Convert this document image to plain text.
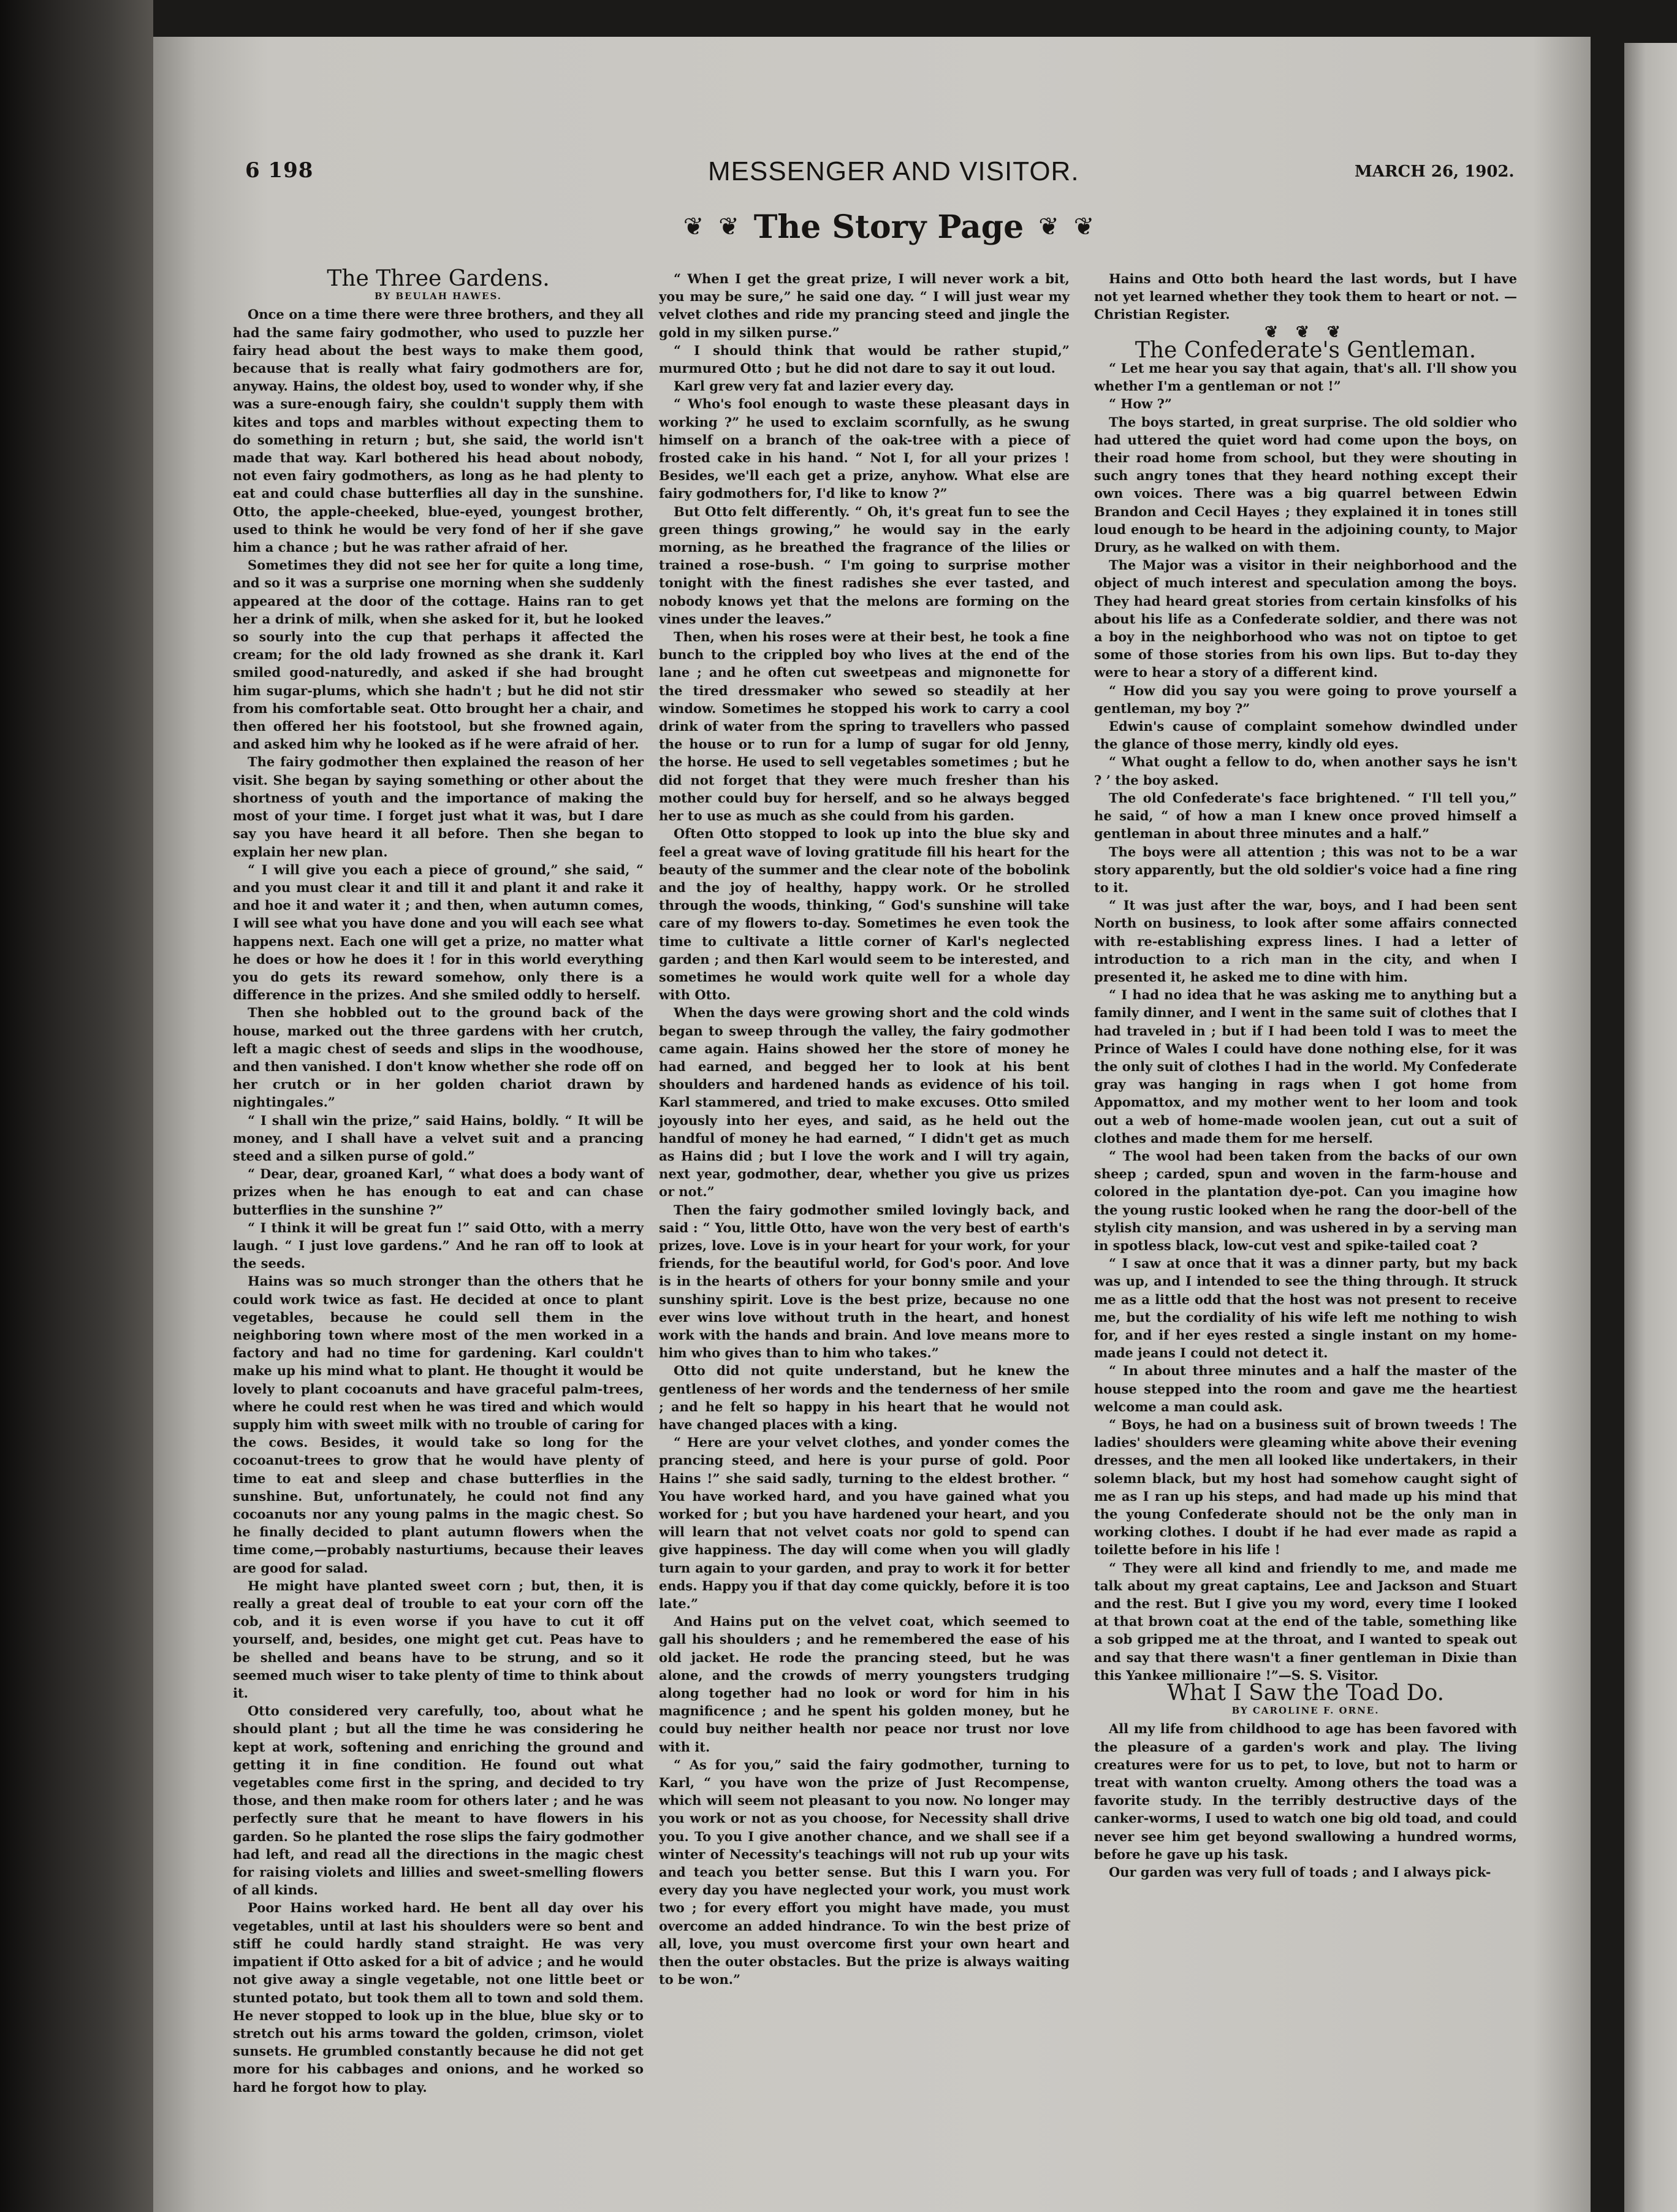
6 198	MESSENGER AND VISITOR.	MARCH 26, 1902.
❦ ❦ The Story Page ❦ ❦

The Three Gardens.

BY BEULAH HAWES.

Once on a time there were three brothers, and they all had the same fairy godmother, who used to puzzle her fairy head about the best ways to make them good, because that is really what fairy godmothers are for, anyway. Hains, the oldest boy, used to wonder why, if she was a sure-enough fairy, she couldn't supply them with kites and tops and marbles without expecting them to do something in return ; but, she said, the world isn't made that way. Karl bothered his head about nobody, not even fairy godmothers, as long as he had plenty to eat and could chase butterflies all day in the sunshine. Otto, the apple-cheeked, blue-eyed, youngest brother, used to think he would be very fond of her if she gave him a chance ; but he was rather afraid of her.

Sometimes they did not see her for quite a long time, and so it was a surprise one morning when she suddenly appeared at the door of the cottage. Hains ran to get her a drink of milk, when she asked for it, but he looked so sourly into the cup that perhaps it affected the cream; for the old lady frowned as she drank it. Karl smiled good-naturedly, and asked if she had brought him sugar-plums, which she hadn't ; but he did not stir from his comfortable seat. Otto brought her a chair, and then offered her his footstool, but she frowned again, and asked him why he looked as if he were afraid of her.

The fairy godmother then explained the reason of her visit. She began by saying something or other about the shortness of youth and the importance of making the most of your time. I forget just what it was, but I dare say you have heard it all before. Then she began to explain her new plan.

“ I will give you each a piece of ground,” she said, “ and you must clear it and till it and plant it and rake it and hoe it and water it ; and then, when autumn comes, I will see what you have done and you will each see what happens next. Each one will get a prize, no matter what he does or how he does it ! for in this world everything you do gets its reward somehow, only there is a difference in the prizes. And she smiled oddly to herself.

Then she hobbled out to the ground back of the house, marked out the three gardens with her crutch, left a magic chest of seeds and slips in the woodhouse, and then vanished. I don't know whether she rode off on her crutch or in her golden chariot drawn by nightingales.”

“ I shall win the prize,” said Hains, boldly. “ It will be money, and I shall have a velvet suit and a prancing steed and a silken purse of gold.”

“ Dear, dear, groaned Karl, “ what does a body want of prizes when he has enough to eat and can chase butterflies in the sunshine ?”

“ I think it will be great fun !” said Otto, with a merry laugh. “ I just love gardens.” And he ran off to look at the seeds.

Hains was so much stronger than the others that he could work twice as fast. He decided at once to plant vegetables, because he could sell them in the neighboring town where most of the men worked in a factory and had no time for gardening. Karl couldn't make up his mind what to plant. He thought it would be lovely to plant cocoanuts and have graceful palm-trees, where he could rest when he was tired and which would supply him with sweet milk with no trouble of caring for the cows. Besides, it would take so long for the cocoanut-trees to grow that he would have plenty of time to eat and sleep and chase butterflies in the sunshine. But, unfortunately, he could not find any cocoanuts nor any young palms in the magic chest. So he finally decided to plant autumn flowers when the time come,—probably nasturtiums, because their leaves are good for salad.

He might have planted sweet corn ; but, then, it is really a great deal of trouble to eat your corn off the cob, and it is even worse if you have to cut it off yourself, and, besides, one might get cut. Peas have to be shelled and beans have to be strung, and so it seemed much wiser to take plenty of time to think about it.

Otto considered very carefully, too, about what he should plant ; but all the time he was considering he kept at work, softening and enriching the ground and getting it in fine condition. He found out what vegetables come first in the spring, and decided to try those, and then make room for others later ; and he was perfectly sure that he meant to have flowers in his garden. So he planted the rose slips the fairy godmother had left, and read all the directions in the magic chest for raising violets and lillies and sweet-smelling flowers of all kinds.

Poor Hains worked hard. He bent all day over his vegetables, until at last his shoulders were so bent and stiff he could hardly stand straight. He was very impatient if Otto asked for a bit of advice ; and he would not give away a single vegetable, not one little beet or stunted potato, but took them all to town and sold them. He never stopped to look up in the blue, blue sky or to stretch out his arms toward the golden, crimson, violet sunsets. He grumbled constantly because he did not get more for his cabbages and onions, and he worked so hard he forgot how to play.

“ When I get the great prize, I will never work a bit, you may be sure,” he said one day. “ I will just wear my velvet clothes and ride my prancing steed and jingle the gold in my silken purse.”

“ I should think that would be rather stupid,” murmured Otto ; but he did not dare to say it out loud.

Karl grew very fat and lazier every day.

“ Who's fool enough to waste these pleasant days in working ?” he used to exclaim scornfully, as he swung himself on a branch of the oak-tree with a piece of frosted cake in his hand. “ Not I, for all your prizes ! Besides, we'll each get a prize, anyhow. What else are fairy godmothers for, I'd like to know ?”

But Otto felt differently. “ Oh, it's great fun to see the green things growing,” he would say in the early morning, as he breathed the fragrance of the lilies or trained a rose-bush. “ I'm going to surprise mother tonight with the finest radishes she ever tasted, and nobody knows yet that the melons are forming on the vines under the leaves.”

Then, when his roses were at their best, he took a fine bunch to the crippled boy who lives at the end of the lane ; and he often cut sweetpeas and mignonette for the tired dressmaker who sewed so steadily at her window. Sometimes he stopped his work to carry a cool drink of water from the spring to travellers who passed the house or to run for a lump of sugar for old Jenny, the horse. He used to sell vegetables sometimes ; but he did not forget that they were much fresher than his mother could buy for herself, and so he always begged her to use as much as she could from his garden.

Often Otto stopped to look up into the blue sky and feel a great wave of loving gratitude fill his heart for the beauty of the summer and the clear note of the bobolink and the joy of healthy, happy work. Or he strolled through the woods, thinking, “ God's sunshine will take care of my flowers to-day. Sometimes he even took the time to cultivate a little corner of Karl's neglected garden ; and then Karl would seem to be interested, and sometimes he would work quite well for a whole day with Otto.

When the days were growing short and the cold winds began to sweep through the valley, the fairy godmother came again. Hains showed her the store of money he had earned, and begged her to look at his bent shoulders and hardened hands as evidence of his toil. Karl stammered, and tried to make excuses. Otto smiled joyously into her eyes, and said, as he held out the handful of money he had earned, “ I didn't get as much as Hains did ; but I love the work and I will try again, next year, godmother, dear, whether you give us prizes or not.”

Then the fairy godmother smiled lovingly back, and said : “ You, little Otto, have won the very best of earth's prizes, love. Love is in your heart for your work, for your friends, for the beautiful world, for God's poor. And love is in the hearts of others for your bonny smile and your sunshiny spirit. Love is the best prize, because no one ever wins love without truth in the heart, and honest work with the hands and brain. And love means more to him who gives than to him who takes.”

Otto did not quite understand, but he knew the gentleness of her words and the tenderness of her smile ; and he felt so happy in his heart that he would not have changed places with a king.

“ Here are your velvet clothes, and yonder comes the prancing steed, and here is your purse of gold. Poor Hains !” she said sadly, turning to the eldest brother. “ You have worked hard, and you have gained what you worked for ; but you have hardened your heart, and you will learn that not velvet coats nor gold to spend can give happiness. The day will come when you will gladly turn again to your garden, and pray to work it for better ends. Happy you if that day come quickly, before it is too late.”

And Hains put on the velvet coat, which seemed to gall his shoulders ; and he remembered the ease of his old jacket. He rode the prancing steed, but he was alone, and the crowds of merry youngsters trudging along together had no look or word for him in his magnificence ; and he spent his golden money, but he could buy neither health nor peace nor trust nor love with it.

“ As for you,” said the fairy godmother, turning to Karl, “ you have won the prize of Just Recompense, which will seem not pleasant to you now. No longer may you work or not as you choose, for Necessity shall drive you. To you I give another chance, and we shall see if a winter of Necessity's teachings will not rub up your wits and teach you better sense. But this I warn you. For every day you have neglected your work, you must work two ; for every effort you might have made, you must overcome an added hindrance. To win the best prize of all, love, you must overcome first your own heart and then the outer obstacles. But the prize is always waiting to be won.”

Hains and Otto both heard the last words, but I have not yet learned whether they took them to heart or not. —Christian Register.

❦ ❦ ❦

The Confederate's Gentleman.

“ Let me hear you say that again, that's all. I'll show you whether I'm a gentleman or not !”

“ How ?”

The boys started, in great surprise. The old soldier who had uttered the quiet word had come upon the boys, on their road home from school, but they were shouting in such angry tones that they heard nothing except their own voices. There was a big quarrel between Edwin Brandon and Cecil Hayes ; they explained it in tones still loud enough to be heard in the adjoining county, to Major Drury, as he walked on with them.

The Major was a visitor in their neighborhood and the object of much interest and speculation among the boys. They had heard great stories from certain kinsfolks of his about his life as a Confederate soldier, and there was not a boy in the neighborhood who was not on tiptoe to get some of those stories from his own lips. But to-day they were to hear a story of a different kind.

“ How did you say you were going to prove yourself a gentleman, my boy ?”

Edwin's cause of complaint somehow dwindled under the glance of those merry, kindly old eyes.

“ What ought a fellow to do, when another says he isn't ? ’ the boy asked.

The old Confederate's face brightened. “ I'll tell you,” he said, “ of how a man I knew once proved himself a gentleman in about three minutes and a half.”

The boys were all attention ; this was not to be a war story apparently, but the old soldier's voice had a fine ring to it.

“ It was just after the war, boys, and I had been sent North on business, to look after some affairs connected with re-establishing express lines. I had a letter of introduction to a rich man in the city, and when I presented it, he asked me to dine with him.

“ I had no idea that he was asking me to anything but a family dinner, and I went in the same suit of clothes that I had traveled in ; but if I had been told I was to meet the Prince of Wales I could have done nothing else, for it was the only suit of clothes I had in the world. My Confederate gray was hanging in rags when I got home from Appomattox, and my mother went to her loom and took out a web of home-made woolen jean, cut out a suit of clothes and made them for me herself.

“ The wool had been taken from the backs of our own sheep ; carded, spun and woven in the farm-house and colored in the plantation dye-pot. Can you imagine how the young rustic looked when he rang the door-bell of the stylish city mansion, and was ushered in by a serving man in spotless black, low-cut vest and spike-tailed coat ?

“ I saw at once that it was a dinner party, but my back was up, and I intended to see the thing through. It struck me as a little odd that the host was not present to receive me, but the cordiality of his wife left me nothing to wish for, and if her eyes rested a single instant on my home-made jeans I could not detect it.

“ In about three minutes and a half the master of the house stepped into the room and gave me the heartiest welcome a man could ask.

“ Boys, he had on a business suit of brown tweeds ! The ladies' shoulders were gleaming white above their evening dresses, and the men all looked like undertakers, in their solemn black, but my host had somehow caught sight of me as I ran up his steps, and had made up his mind that the young Confederate should not be the only man in working clothes. I doubt if he had ever made as rapid a toilette before in his life !

“ They were all kind and friendly to me, and made me talk about my great captains, Lee and Jackson and Stuart and the rest. But I give you my word, every time I looked at that brown coat at the end of the table, something like a sob gripped me at the throat, and I wanted to speak out and say that there wasn't a finer gentleman in Dixie than this Yankee millionaire !”—S. S. Visitor.

What I Saw the Toad Do.

BY CAROLINE F. ORNE.

All my life from childhood to age has been favored with the pleasure of a garden's work and play. The living creatures were for us to pet, to love, but not to harm or treat with wanton cruelty. Among others the toad was a favorite study. In the terribly destructive days of the canker-worms, I used to watch one big old toad, and could never see him get beyond swallowing a hundred worms, before he gave up his task.

Our garden was very full of toads ; and I always pick-
